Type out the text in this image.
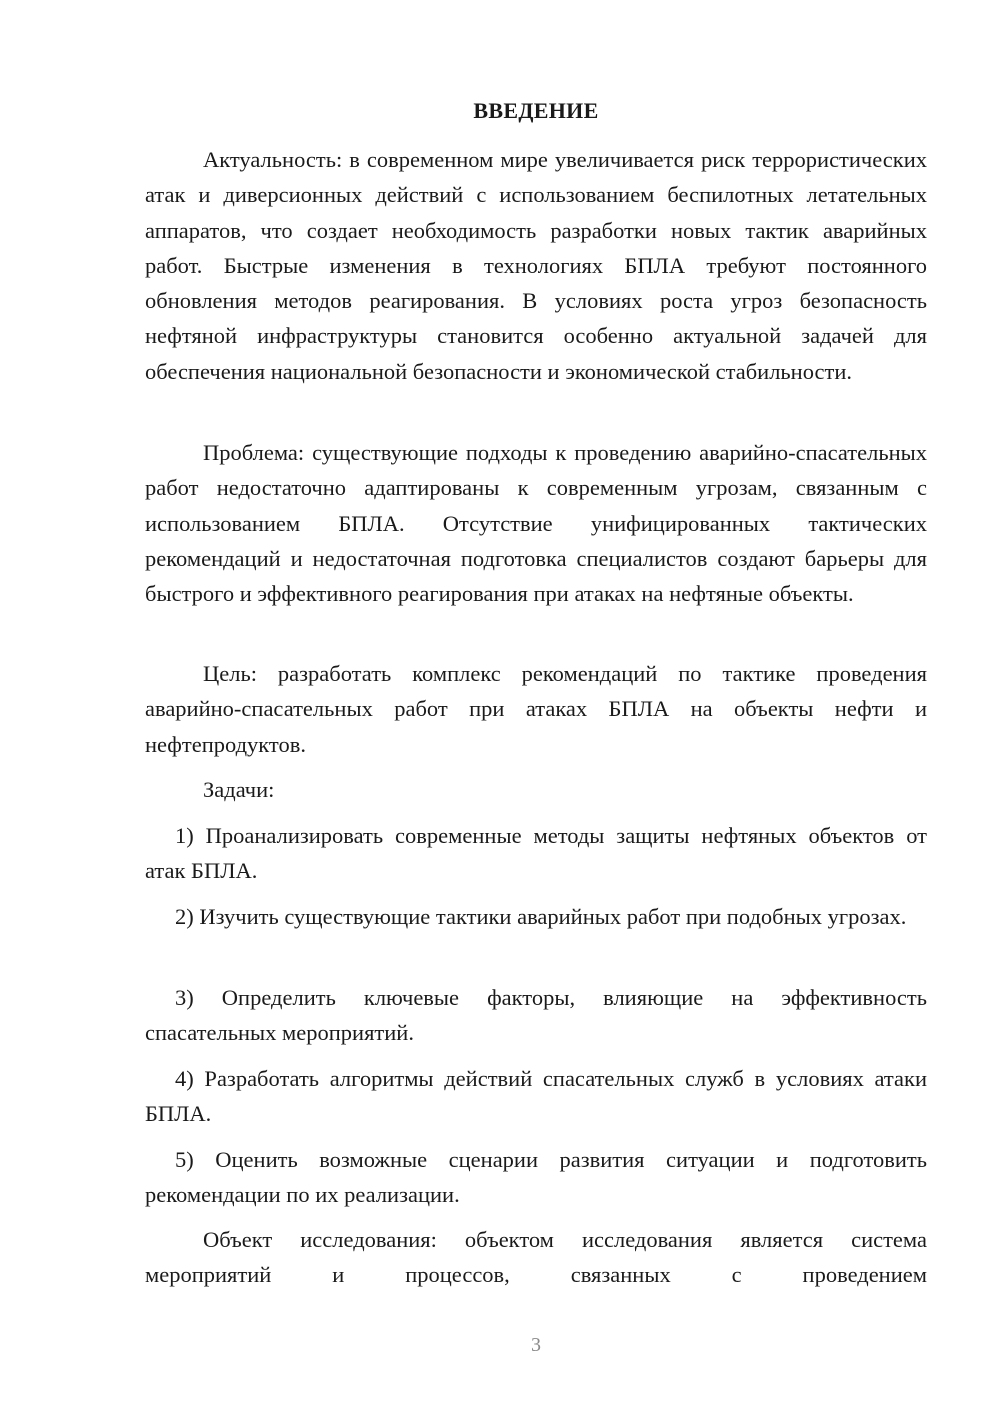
ВВЕДЕНИЕ

Актуальность: в современном мире увеличивается риск террористических атак и диверсионных действий с использованием беспилотных летательных аппаратов, что создает необходимость разработки новых тактик аварийных работ. Быстрые изменения в технологиях БПЛА требуют постоянного обновления методов реагирования. В условиях роста угроз безопасность нефтяной инфраструктуры становится особенно актуальной задачей для обеспечения национальной безопасности и экономической стабильности.

Проблема: существующие подходы к проведению аварийно-спасательных работ недостаточно адаптированы к современным угрозам, связанным с использованием БПЛА. Отсутствие унифицированных тактических рекомендаций и недостаточная подготовка специалистов создают барьеры для быстрого и эффективного реагирования при атаках на нефтяные объекты.

Цель: разработать комплекс рекомендаций по тактике проведения аварийно-спасательных работ при атаках БПЛА на объекты нефти и нефтепродуктов.

Задачи:

1) Проанализировать современные методы защиты нефтяных объектов от атак БПЛА.

2) Изучить существующие тактики аварийных работ при подобных угрозах.

3) Определить ключевые факторы, влияющие на эффективность спасательных мероприятий.

4) Разработать алгоритмы действий спасательных служб в условиях атаки БПЛА.

5) Оценить возможные сценарии развития ситуации и подготовить рекомендации по их реализации.

Объект исследования: объектом исследования является система мероприятий и процессов, связанных с проведением

3
